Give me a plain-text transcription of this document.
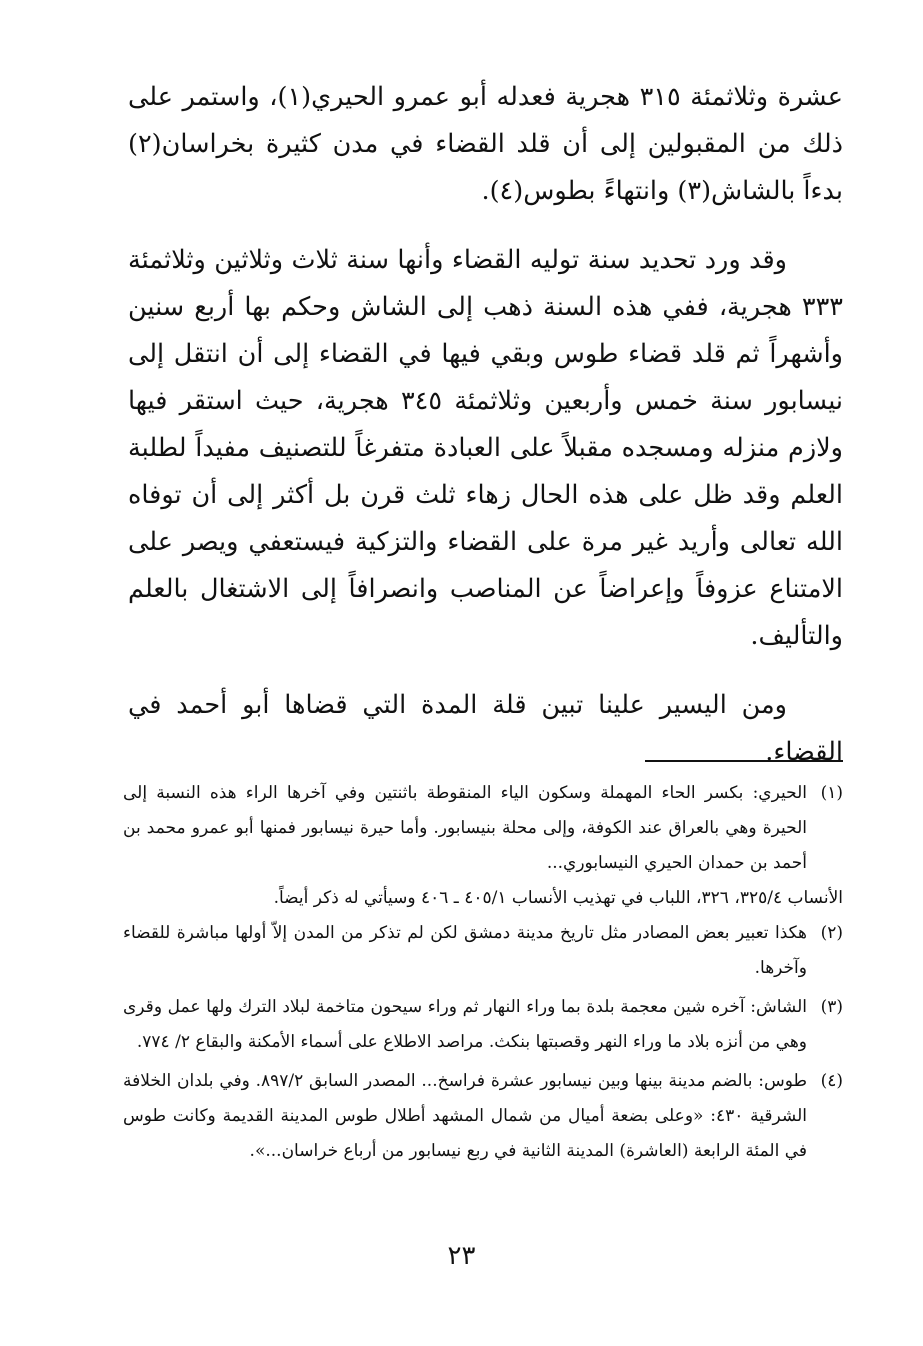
عشرة وثلاثمئة ٣١٥ هجرية فعدله أبو عمرو الحيري(١)، واستمر على ذلك من المقبولين إلى أن قلد القضاء في مدن كثيرة بخراسان(٢) بدءاً بالشاش(٣) وانتهاءً بطوس(٤).

وقد ورد تحديد سنة توليه القضاء وأنها سنة ثلاث وثلاثين وثلاثمئة ٣٣٣ هجرية، ففي هذه السنة ذهب إلى الشاش وحكم بها أربع سنين وأشهراً ثم قلد قضاء طوس وبقي فيها في القضاء إلى أن انتقل إلى نيسابور سنة خمس وأربعين وثلاثمئة ٣٤٥ هجرية، حيث استقر فيها ولازم منزله ومسجده مقبلاً على العبادة متفرغاً للتصنيف مفيداً لطلبة العلم وقد ظل على هذه الحال زهاء ثلث قرن بل أكثر إلى أن توفاه الله تعالى وأريد غير مرة على القضاء والتزكية فيستعفي ويصر على الامتناع عزوفاً وإعراضاً عن المناصب وانصرافاً إلى الاشتغال بالعلم والتأليف.

ومن اليسير علينا تبين قلة المدة التي قضاها أبو أحمد في القضاء.

(١)الحيري: بكسر الحاء المهملة وسكون الياء المنقوطة باثنتين وفي آخرها الراء هذه النسبة إلى الحيرة وهي بالعراق عند الكوفة، وإلى محلة بنيسابور. وأما حيرة نيسابور فمنها أبو عمرو محمد بن أحمد بن حمدان الحيري النيسابوري...

الأنساب ٣٢٥/٤، ٣٢٦، اللباب في تهذيب الأنساب ٤٠٥/١ ـ ٤٠٦ وسيأتي له ذكر أيضاً.

(٢)هكذا تعبير بعض المصادر مثل تاريخ مدينة دمشق لكن لم تذكر من المدن إلاّ أولها مباشرة للقضاء وآخرها.

(٣)الشاش: آخره شين معجمة بلدة بما وراء النهار ثم وراء سيحون متاخمة لبلاد الترك ولها عمل وقرى وهي من أنزه بلاد ما وراء النهر وقصبتها بنكث. مراصد الاطلاع على أسماء الأمكنة والبقاع ٢/ ٧٧٤.

(٤)طوس: بالضم مدينة بينها وبين نيسابور عشرة فراسخ... المصدر السابق ٨٩٧/٢. وفي بلدان الخلافة الشرقية ٤٣٠: «وعلى بضعة أميال من شمال المشهد أطلال طوس المدينة القديمة وكانت طوس في المئة الرابعة (العاشرة) المدينة الثانية في ربع نيسابور من أرباع خراسان...».

٢٣
